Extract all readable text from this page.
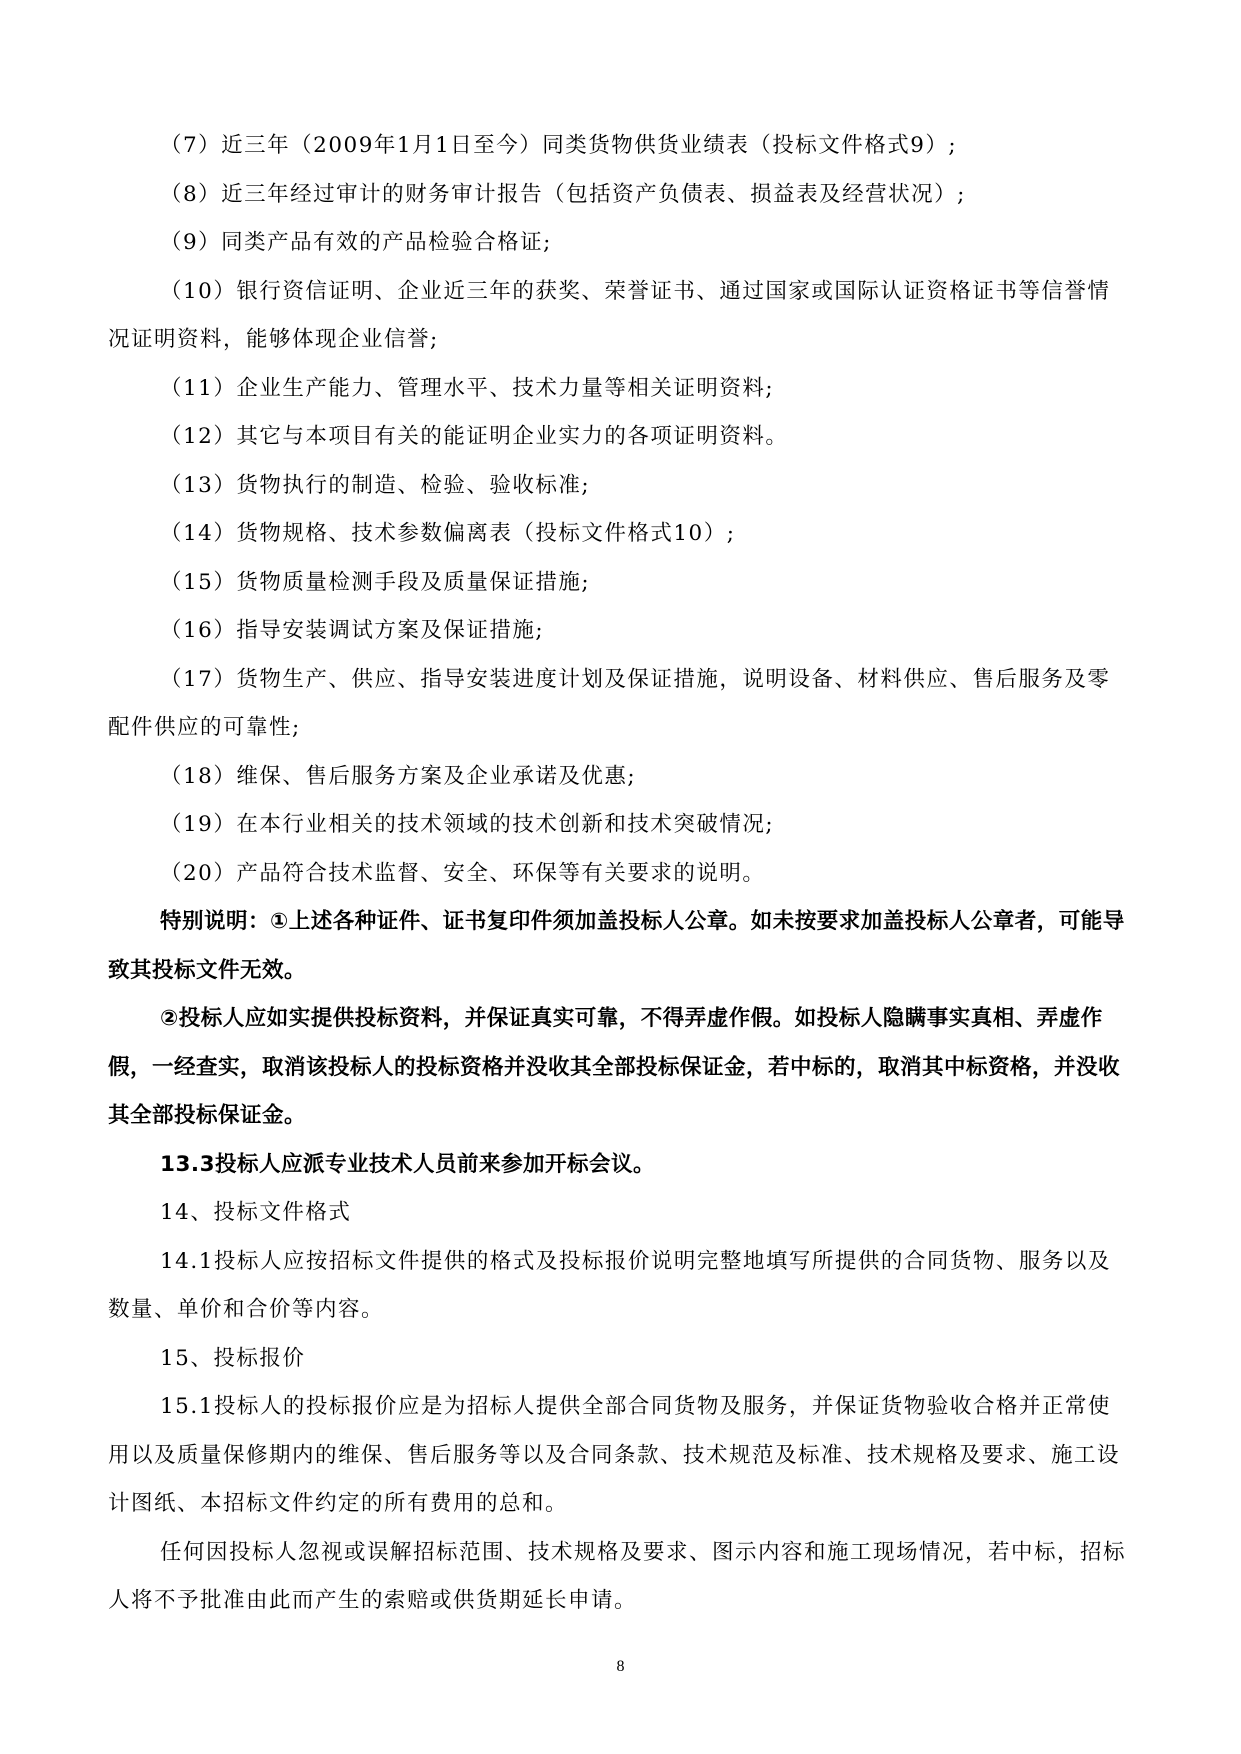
（7）近三年（2009年1月1日至今）同类货物供货业绩表（投标文件格式9）;

（8）近三年经过审计的财务审计报告（包括资产负债表、损益表及经营状况）;

（9）同类产品有效的产品检验合格证;

（10）银行资信证明、企业近三年的获奖、荣誉证书、通过国家或国际认证资格证书等信誉情况证明资料，能够体现企业信誉;

（11）企业生产能力、管理水平、技术力量等相关证明资料;

（12）其它与本项目有关的能证明企业实力的各项证明资料。

（13）货物执行的制造、检验、验收标准;

（14）货物规格、技术参数偏离表（投标文件格式10）;

（15）货物质量检测手段及质量保证措施;

（16）指导安装调试方案及保证措施;

（17）货物生产、供应、指导安装进度计划及保证措施，说明设备、材料供应、售后服务及零配件供应的可靠性;

（18）维保、售后服务方案及企业承诺及优惠;

（19）在本行业相关的技术领域的技术创新和技术突破情况;

（20）产品符合技术监督、安全、环保等有关要求的说明。

特别说明：①上述各种证件、证书复印件须加盖投标人公章。如未按要求加盖投标人公章者，可能导致其投标文件无效。

②投标人应如实提供投标资料，并保证真实可靠，不得弄虚作假。如投标人隐瞒事实真相、弄虚作假，一经查实，取消该投标人的投标资格并没收其全部投标保证金，若中标的，取消其中标资格，并没收其全部投标保证金。

13.3投标人应派专业技术人员前来参加开标会议。

14、投标文件格式

14.1投标人应按招标文件提供的格式及投标报价说明完整地填写所提供的合同货物、服务以及数量、单价和合价等内容。

15、投标报价

15.1投标人的投标报价应是为招标人提供全部合同货物及服务，并保证货物验收合格并正常使用以及质量保修期内的维保、售后服务等以及合同条款、技术规范及标准、技术规格及要求、施工设计图纸、本招标文件约定的所有费用的总和。

任何因投标人忽视或误解招标范围、技术规格及要求、图示内容和施工现场情况，若中标，招标人将不予批准由此而产生的索赔或供货期延长申请。

8
